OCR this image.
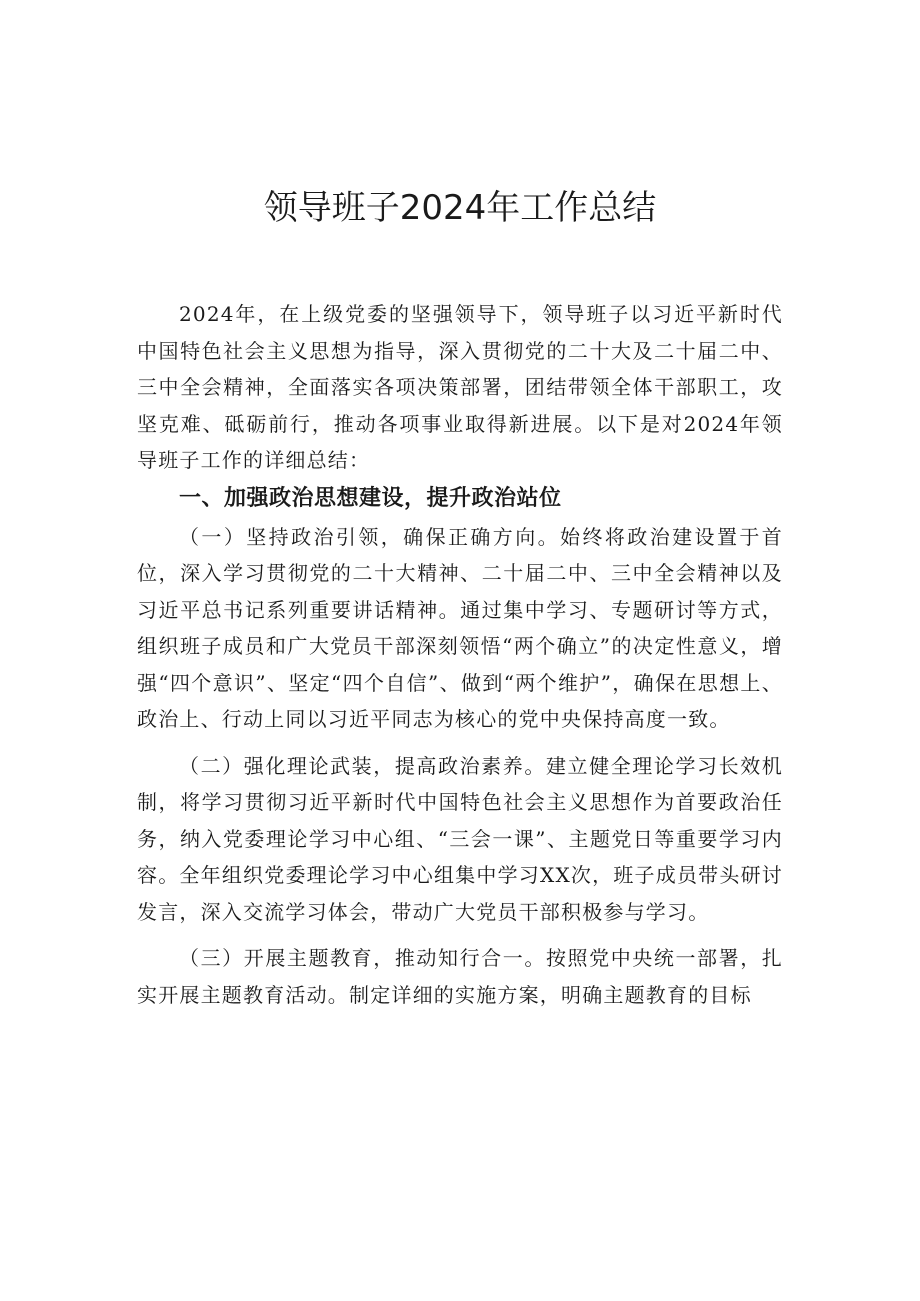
领导班子2024年工作总结

2024年，在上级党委的坚强领导下，领导班子以习近平新时代中国特色社会主义思想为指导，深入贯彻党的二十大及二十届二中、三中全会精神，全面落实各项决策部署，团结带领全体干部职工，攻坚克难、砥砺前行，推动各项事业取得新进展。以下是对2024年领导班子工作的详细总结：

一、加强政治思想建设，提升政治站位

（一）坚持政治引领，确保正确方向。始终将政治建设置于首位，深入学习贯彻党的二十大精神、二十届二中、三中全会精神以及习近平总书记系列重要讲话精神。通过集中学习、专题研讨等方式，组织班子成员和广大党员干部深刻领悟“两个确立”的决定性意义，增强“四个意识”、坚定“四个自信”、做到“两个维护”，确保在思想上、政治上、行动上同以习近平同志为核心的党中央保持高度一致。

（二）强化理论武装，提高政治素养。建立健全理论学习长效机制，将学习贯彻习近平新时代中国特色社会主义思想作为首要政治任务，纳入党委理论学习中心组、“三会一课”、主题党日等重要学习内容。全年组织党委理论学习中心组集中学习XX次，班子成员带头研讨发言，深入交流学习体会，带动广大党员干部积极参与学习。

（三）开展主题教育，推动知行合一。按照党中央统一部署，扎实开展主题教育活动。制定详细的实施方案，明确主题教育的目标
